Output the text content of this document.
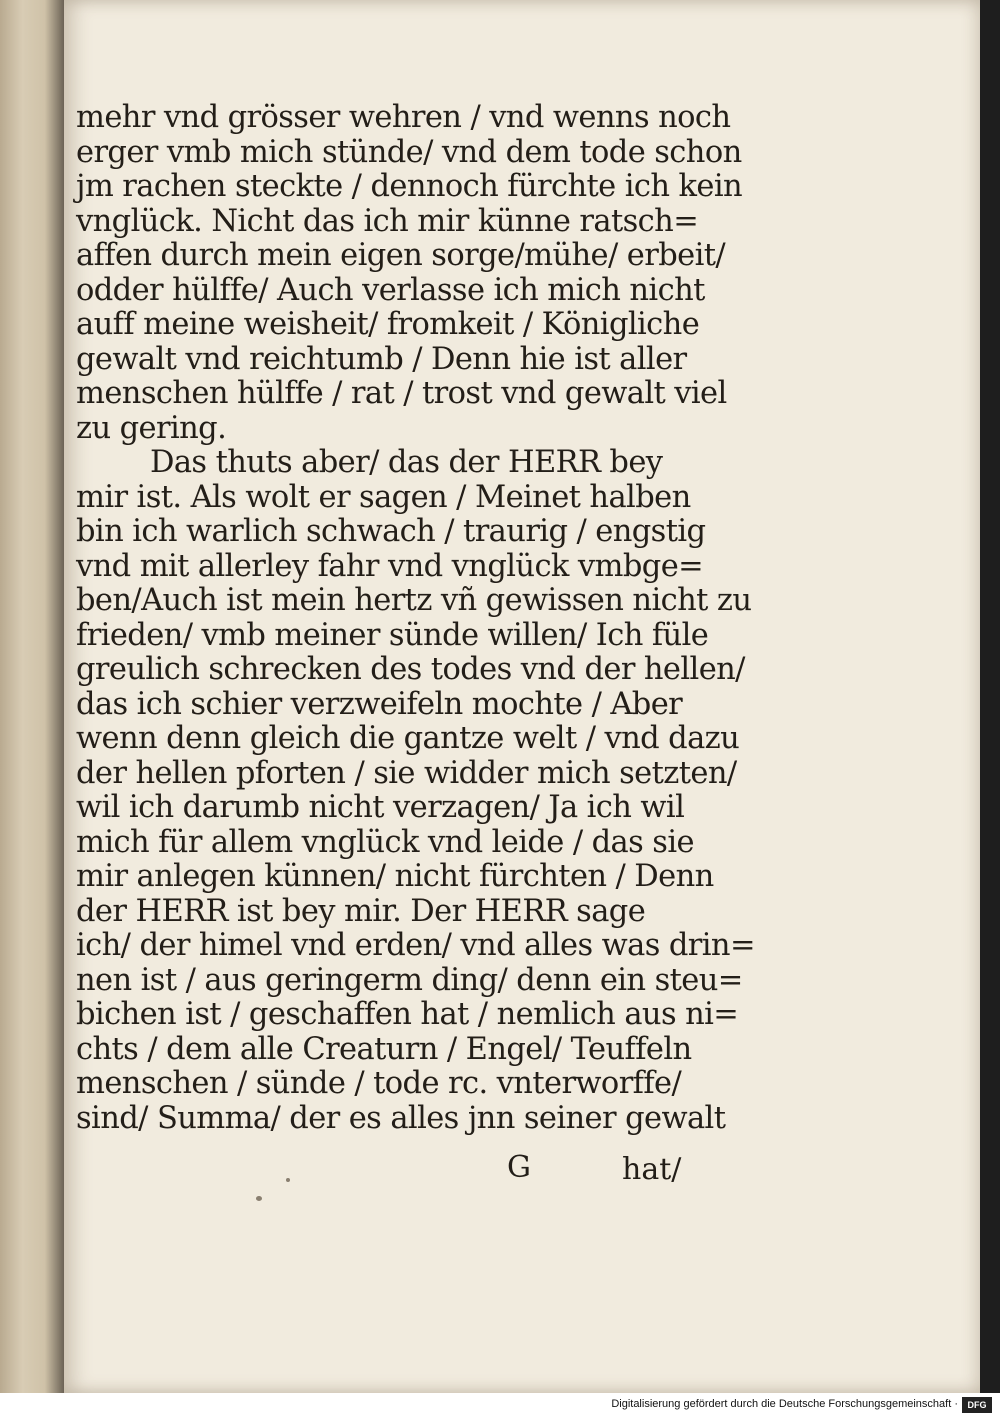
mehr vnd grösser wehren / vnd wenns noch
erger vmb mich stünde/ vnd dem tode schon
jm rachen steckte / dennoch fürchte ich kein
vnglück. Nicht das ich mir künne ratsch=
affen durch mein eigen sorge/mühe/ erbeit/
odder hülffe/ Auch verlasse ich mich nicht
auff meine weisheit/ fromkeit / Königliche
gewalt vnd reichtumb / Denn hie ist aller
menschen hülffe / rat / trost vnd gewalt viel
zu gering.
Das thuts aber/ das der HERR bey
mir ist. Als wolt er sagen / Meinet halben
bin ich warlich schwach / traurig / engstig
vnd mit allerley fahr vnd vnglück vmbge=
ben/Auch ist mein hertz vñ gewissen nicht zu
frieden/ vmb meiner sünde willen/ Ich füle
greulich schrecken des todes vnd der hellen/
das ich schier verzweifeln mochte / Aber
wenn denn gleich die gantze welt / vnd dazu
der hellen pforten / sie widder mich setzten/
wil ich darumb nicht verzagen/ Ja ich wil
mich für allem vnglück vnd leide / das sie
mir anlegen künnen/ nicht fürchten / Denn
der HERR ist bey mir. Der HERR sage
ich/ der himel vnd erden/ vnd alles was drin=
nen ist / aus geringerm ding/ denn ein steu=
bichen ist / geschaffen hat / nemlich aus ni=
chts / dem alle Creaturn / Engel/ Teuffeln
menschen / sünde / tode rc. vnterworffe/
sind/ Summa/ der es alles jnn seiner gewalt
G	hat/
Digitalisierung gefördert durch die Deutsche Forschungsgemeinschaft ·	DFG
